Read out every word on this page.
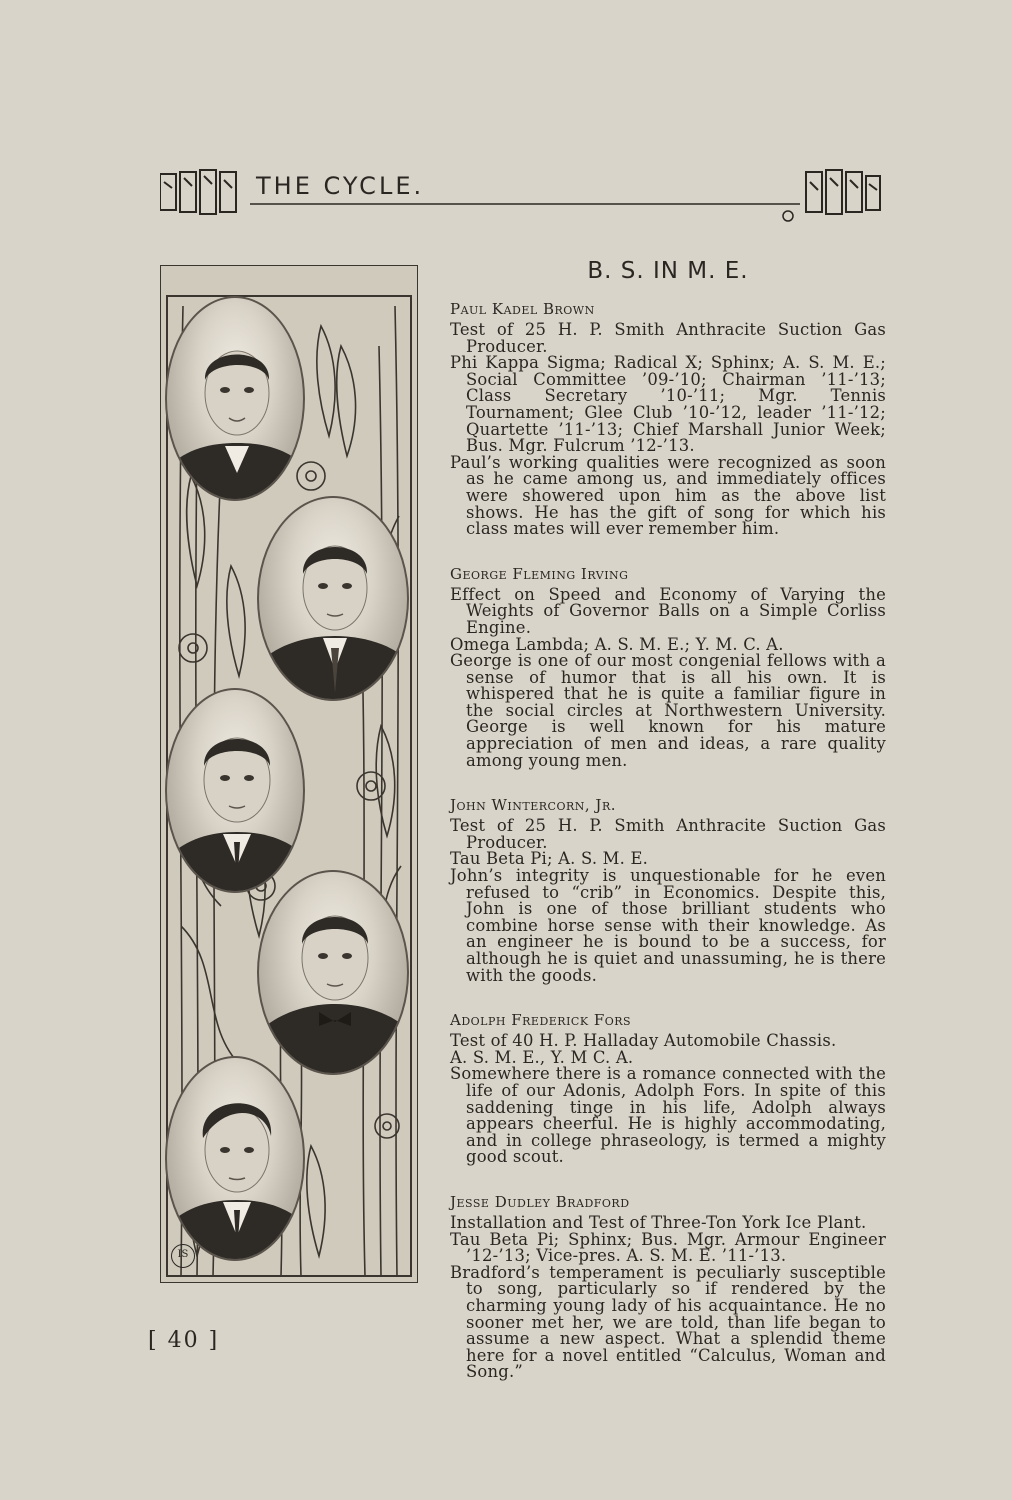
THE CYCLE.
IS
B. S. IN M. E.
Paul Kadel Brown

Test of 25 H. P. Smith Anthracite Suction Gas Producer.

Phi Kappa Sigma; Radical X; Sphinx; A. S. M. E.; Social Committee ’09-’10; Chairman ’11-’13; Class Secretary ’10-’11; Mgr. Tennis Tournament; Glee Club ’10-’12, leader ’11-’12; Quartette ’11-’13; Chief Marshall Junior Week; Bus. Mgr. Fulcrum ’12-’13.

Paul’s working qualities were recognized as soon as he came among us, and immediately offices were showered upon him as the above list shows. He has the gift of song for which his class mates will ever remember him.

George Fleming Irving

Effect on Speed and Economy of Varying the Weights of Governor Balls on a Simple Corliss Engine.

Omega Lambda; A. S. M. E.; Y. M. C. A.

George is one of our most congenial fellows with a sense of humor that is all his own. It is whispered that he is quite a familiar figure in the social circles at Northwestern University. George is well known for his mature appreciation of men and ideas, a rare quality among young men.

John Wintercorn, Jr.

Test of 25 H. P. Smith Anthracite Suction Gas Producer.

Tau Beta Pi; A. S. M. E.

John’s integrity is unquestionable for he even refused to “crib” in Economics. Despite this, John is one of those brilliant students who combine horse sense with their knowledge. As an engineer he is bound to be a success, for although he is quiet and unassuming, he is there with the goods.

Adolph Frederick Fors

Test of 40 H. P. Halladay Automobile Chassis.

A. S. M. E., Y. M C. A.

Somewhere there is a romance connected with the life of our Adonis, Adolph Fors. In spite of this saddening tinge in his life, Adolph always appears cheerful. He is highly accommodating, and in college phraseology, is termed a mighty good scout.

Jesse Dudley Bradford

Installation and Test of Three-Ton York Ice Plant.

Tau Beta Pi; Sphinx; Bus. Mgr. Armour Engineer ’12-’13; Vice-pres. A. S. M. E. ’11-’13.

Bradford’s temperament is peculiarly susceptible to song, particularly so if rendered by the charming young lady of his acquaintance. He no sooner met her, we are told, than life began to assume a new aspect. What a splendid theme here for a novel entitled “Calculus, Woman and Song.”

[ 40 ]
